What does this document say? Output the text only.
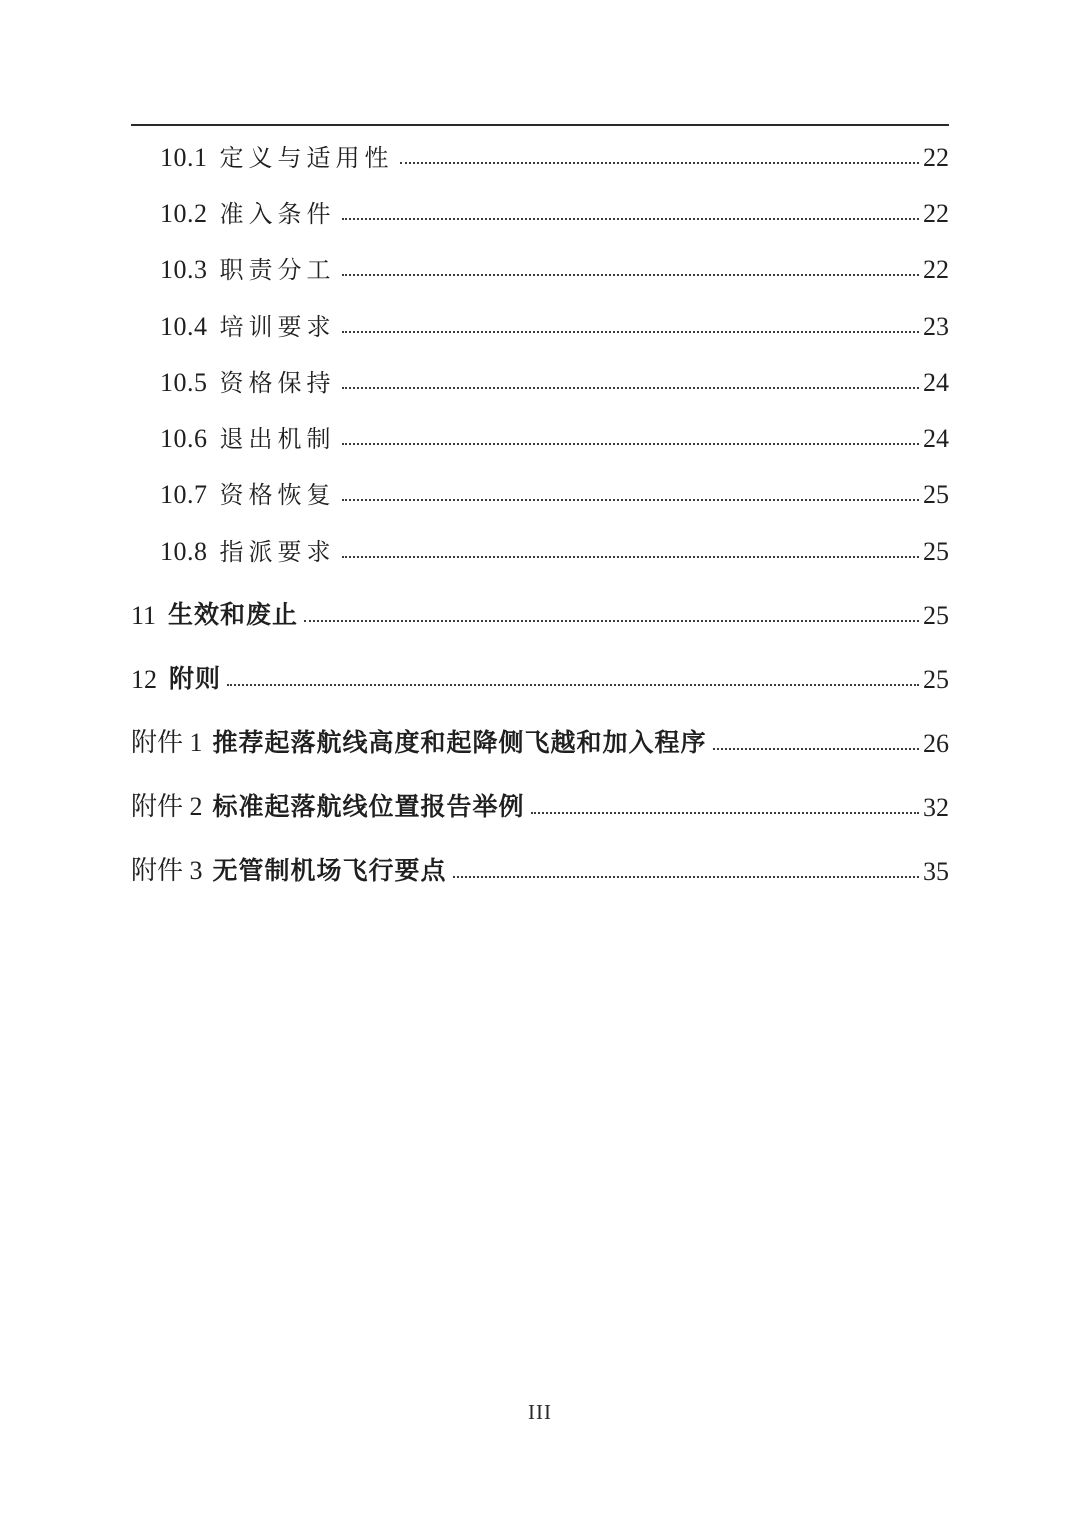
10.1 定义与适用性	22
10.2 准入条件	22
10.3 职责分工	22
10.4 培训要求	23
10.5 资格保持	24
10.6 退出机制	24
10.7 资格恢复	25
10.8 指派要求	25
11 生效和废止	25
12 附则	25
附件 1 推荐起落航线高度和起降侧飞越和加入程序	26
附件 2 标准起落航线位置报告举例	32
附件 3 无管制机场飞行要点	35
III
